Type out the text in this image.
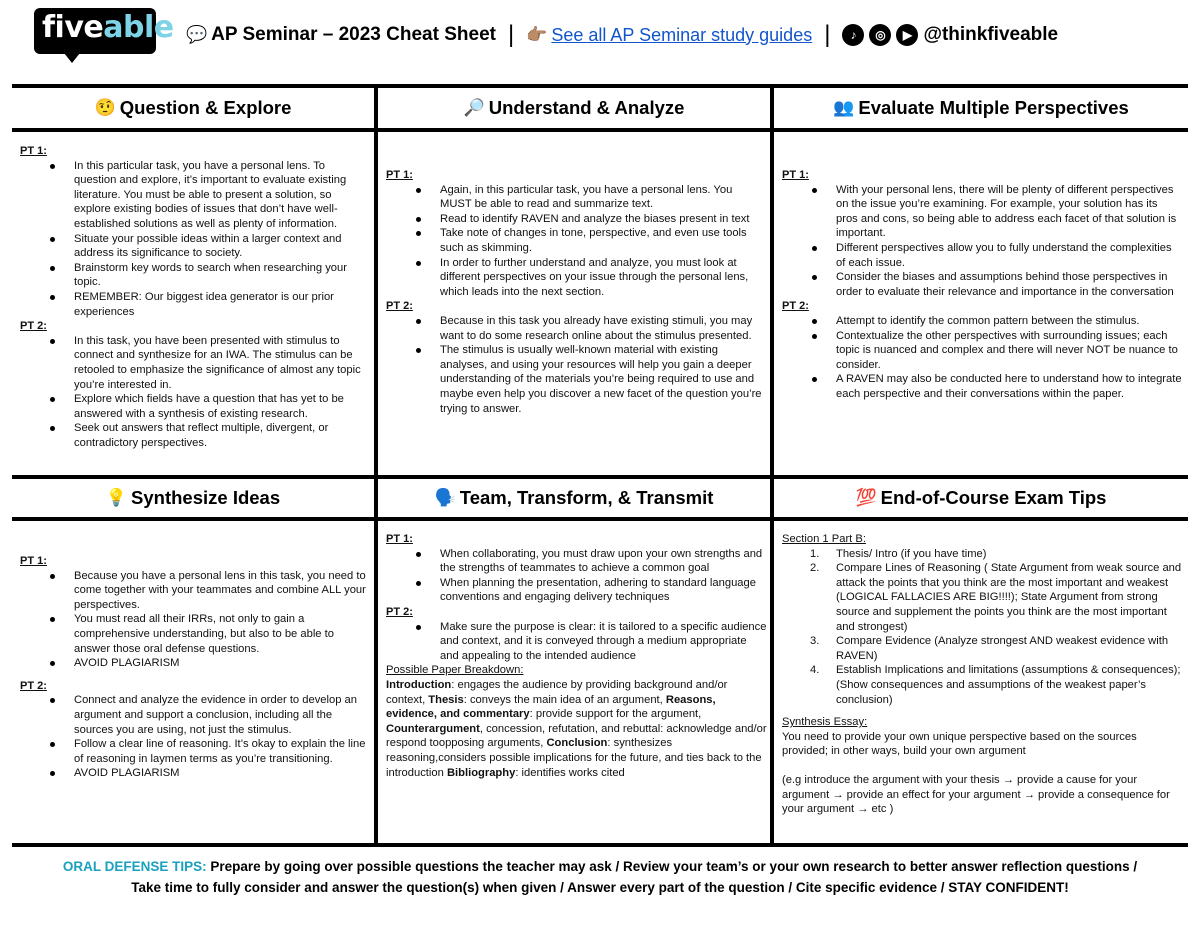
fiveable 💬 AP Seminar – 2023 Cheat Sheet | 👉🏽 See all AP Seminar study guides |	♪	◎	▶ @thinkfiveable
🤨 Question & Explore	🔎 Understand & Analyze	👥 Evaluate Multiple Perspectives
PT 1:
In this particular task, you have a personal lens. To question and explore, it’s important to evaluate existing literature. You must be able to present a solution, so explore existing bodies of issues that don’t have well-established solutions as well as plenty of information.
Situate your possible ideas within a larger context and address its significance to society.
Brainstorm key words to search when researching your topic.
REMEMBER: Our biggest idea generator is our prior experiences
PT 2:
In this task, you have been presented with stimulus to connect and synthesize for an IWA. The stimulus can be retooled to emphasize the significance of almost any topic you’re interested in.
Explore which fields have a question that has yet to be answered with a synthesis of existing research.
Seek out answers that reflect multiple, divergent, or contradictory perspectives.
PT 1:
Again, in this particular task, you have a personal lens. You MUST be able to read and summarize text.
Read to identify RAVEN and analyze the biases present in text
Take note of changes in tone, perspective, and even use tools such as skimming.
In order to further understand and analyze, you must look at different perspectives on your issue through the personal lens, which leads into the next section.
PT 2:
Because in this task you already have existing stimuli, you may want to do some research online about the stimulus presented.
The stimulus is usually well-known material with existing analyses, and using your resources will help you gain a deeper understanding of the materials you’re being required to use and maybe even help you discover a new facet of the question you’re trying to answer.
PT 1:
With your personal lens, there will be plenty of different perspectives on the issue you’re examining. For example, your solution has its pros and cons, so being able to address each facet of that solution is important.
Different perspectives allow you to fully understand the complexities of each issue.
Consider the biases and assumptions behind those perspectives in order to evaluate their relevance and importance in the conversation
PT 2:
Attempt to identify the common pattern between the stimulus.
Contextualize the other perspectives with surrounding issues; each topic is nuanced and complex and there will never NOT be nuance to consider.
A RAVEN may also be conducted here to understand how to integrate each perspective and their conversations within the paper.
💡 Synthesize Ideas	🗣️ Team, Transform, & Transmit	💯 End-of-Course Exam Tips
PT 1:
Because you have a personal lens in this task, you need to come together with your teammates and combine ALL your perspectives.
You must read all their IRRs, not only to gain a comprehensive understanding, but also to be able to answer those oral defense questions.
AVOID PLAGIARISM
PT 2:
Connect and analyze the evidence in order to develop an argument and support a conclusion, including all the sources you are using, not just the stimulus.
Follow a clear line of reasoning. It’s okay to explain the line of reasoning in laymen terms as you’re transitioning.
AVOID PLAGIARISM
PT 1:
When collaborating, you must draw upon your own strengths and the strengths of teammates to achieve a common goal
When planning the presentation, adhering to standard language conventions and engaging delivery techniques
PT 2:
Make sure the purpose is clear: it is tailored to a specific audience and context, and it is conveyed through a medium appropriate and appealing to the intended audience
Possible Paper Breakdown:
Introduction: engages the audience by providing background and/or context, Thesis: conveys the main idea of an argument, Reasons, evidence, and commentary: provide support for the argument, Counterargument, concession, refutation, and rebuttal: acknowledge and/or respond toopposing arguments, Conclusion: synthesizes reasoning,considers possible implications for the future, and ties back to the introduction Bibliography: identifies works cited
Section 1 Part B:
1. Thesis/ Intro (if you have time)
2. Compare Lines of Reasoning ( State Argument from weak source and attack the points that you think are the most important and weakest (LOGICAL FALLACIES ARE BIG!!!!); State Argument from strong source and supplement the points you think are the most important and strongest)
3. Compare Evidence (Analyze strongest AND weakest evidence with RAVEN)
4. Establish Implications and limitations (assumptions & consequences); (Show consequences and assumptions of the weakest paper’s conclusion)
Synthesis Essay:
You need to provide your own unique perspective based on the sources provided; in other ways, build your own argument
(e.g introduce the argument with your thesis → provide a cause for your argument → provide an effect for your argument → provide a consequence for your argument → etc )
ORAL DEFENSE TIPS: Prepare by going over possible questions the teacher may ask / Review your team’s or your own research to better answer reflection questions /
Take time to fully consider and answer the question(s) when given / Answer every part of the question / Cite specific evidence / STAY CONFIDENT!
